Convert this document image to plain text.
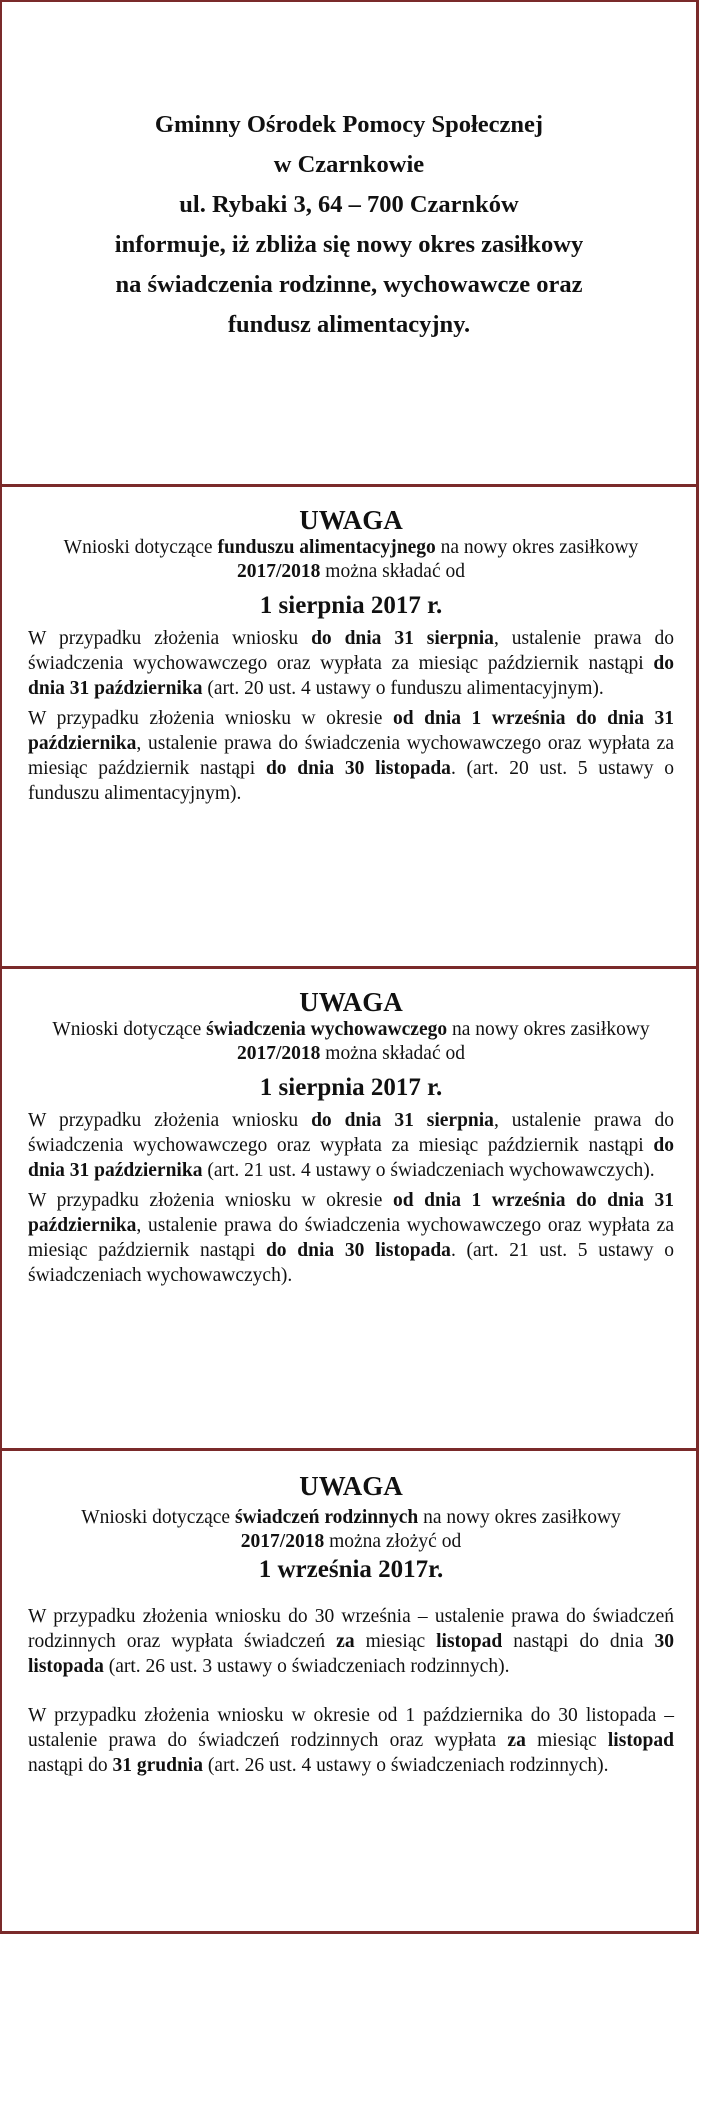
Gminny Ośrodek Pomocy Społecznej
w Czarnkowie
ul. Rybaki 3, 64 – 700 Czarnków
informuje, iż zbliża się nowy okres zasiłkowy
na świadczenia rodzinne, wychowawcze oraz
fundusz alimentacyjny.
UWAGA
Wnioski dotyczące funduszu alimentacyjnego na nowy okres zasiłkowy 2017/2018 można składać od
1 sierpnia 2017 r.
W przypadku złożenia wniosku do dnia 31 sierpnia, ustalenie prawa do świadczenia wychowawczego oraz wypłata za miesiąc październik nastąpi do dnia 31 października (art. 20 ust. 4 ustawy o funduszu alimentacyjnym).
W przypadku złożenia wniosku w okresie od dnia 1 września do dnia 31 października, ustalenie prawa do świadczenia wychowawczego oraz wypłata za miesiąc październik nastąpi do dnia 30 listopada. (art. 20 ust. 5 ustawy o funduszu alimentacyjnym).
UWAGA
Wnioski dotyczące świadczenia wychowawczego na nowy okres zasiłkowy 2017/2018 można składać od
1 sierpnia 2017 r.
W przypadku złożenia wniosku do dnia 31 sierpnia, ustalenie prawa do świadczenia wychowawczego oraz wypłata za miesiąc październik nastąpi do dnia 31 października (art. 21 ust. 4 ustawy o świadczeniach wychowawczych).
W przypadku złożenia wniosku w okresie od dnia 1 września do dnia 31 października, ustalenie prawa do świadczenia wychowawczego oraz wypłata za miesiąc październik nastąpi do dnia 30 listopada. (art. 21 ust. 5 ustawy o świadczeniach wychowawczych).
UWAGA
Wnioski dotyczące świadczeń rodzinnych na nowy okres zasiłkowy 2017/2018 można złożyć od
1 września 2017r.
W przypadku złożenia wniosku do 30 września – ustalenie prawa do świadczeń rodzinnych oraz wypłata świadczeń za miesiąc listopad nastąpi do dnia 30 listopada (art. 26 ust. 3 ustawy o świadczeniach rodzinnych).
W przypadku złożenia wniosku w okresie od 1 października do 30 listopada – ustalenie prawa do świadczeń rodzinnych oraz wypłata za miesiąc listopad nastąpi do 31 grudnia (art. 26 ust. 4 ustawy o świadczeniach rodzinnych).
